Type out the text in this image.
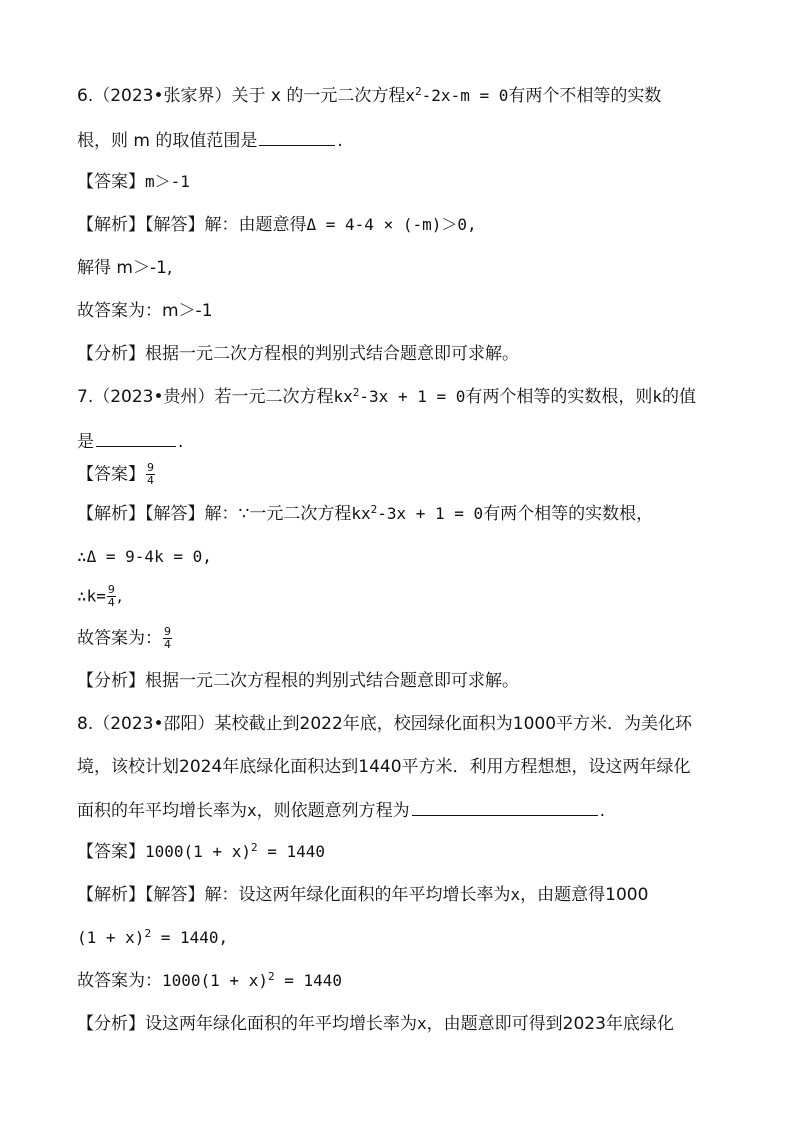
6.（2023•张家界）关于 x 的一元二次方程$x^2-2x-m = 0$有两个不相等的实数
根，则 m 的取值范围是	.
【答案】m＞-1
【解析】【解答】解：由题意得Δ = 4-4 × (-m)＞0,
解得 m＞-1,
故答案为：m＞-1
【分析】根据一元二次方程根的判别式结合题意即可求解。
7.（2023•贵州）若一元二次方程$kx^2-3x + 1 = 0$有两个相等的实数根，则k的值
是	.
【答案】 $\frac{9}{4}$
【解析】【解答】解：∵一元二次方程$kx^2-3x + 1 = 0$有两个相等的实数根，
∴Δ = 9-4k = 0,
∴k= $\frac{9}{4}$ ,
故答案为： $\frac{9}{4}$
【分析】根据一元二次方程根的判别式结合题意即可求解。
8.（2023•邵阳）某校截止到2022年底，校园绿化面积为1000平方米．为美化环
境，该校计划2024年底绿化面积达到1440平方米．利用方程想想，设这两年绿化
面积的年平均增长率为x，则依题意列方程为	.
【答案】$1000(1 + x)^2 = 1440$
【解析】【解答】解：设这两年绿化面积的年平均增长率为x，由题意得1000
$(1 + x)^2 = 1440$,
故答案为：$1000(1 + x)^2 = 1440$
【分析】设这两年绿化面积的年平均增长率为x，由题意即可得到2023年底绿化
